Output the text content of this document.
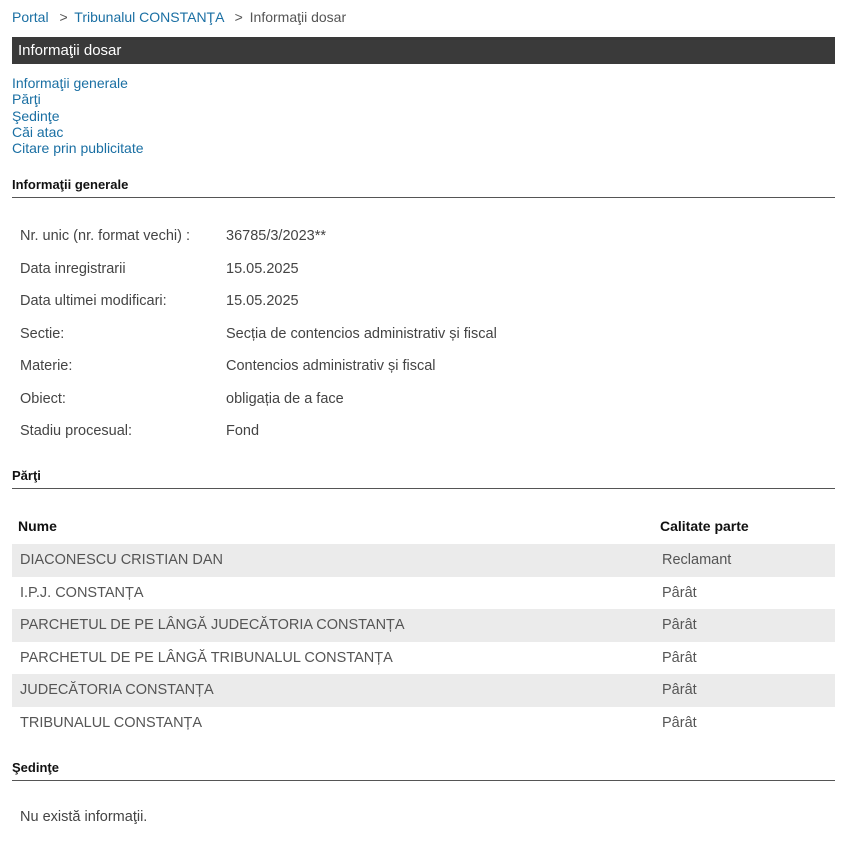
Portal > Tribunalul CONSTANŢA > Informaţii dosar
Informaţii dosar
Informaţii generale
Părţi
Şedinţe
Căi atac
Citare prin publicitate
Informaţii generale
Nr. unic (nr. format vechi) : 36785/3/2023**
Data inregistrarii	15.05.2025
Data ultimei modificari:	15.05.2025
Sectie:	Secția de contencios administrativ și fiscal
Materie:	Contencios administrativ și fiscal
Obiect:	obligația de a face
Stadiu procesual:	Fond
Părţi
Nume	Calitate parte
DIACONESCU CRISTIAN DAN	Reclamant
I.P.J. CONSTANȚA	Pârât
PARCHETUL DE PE LÂNGĂ JUDECĂTORIA CONSTANȚA	Pârât
PARCHETUL DE PE LÂNGĂ TRIBUNALUL CONSTANȚA	Pârât
JUDECĂTORIA CONSTANȚA	Pârât
TRIBUNALUL CONSTANȚA	Pârât
Şedinţe
Nu există informaţii.
